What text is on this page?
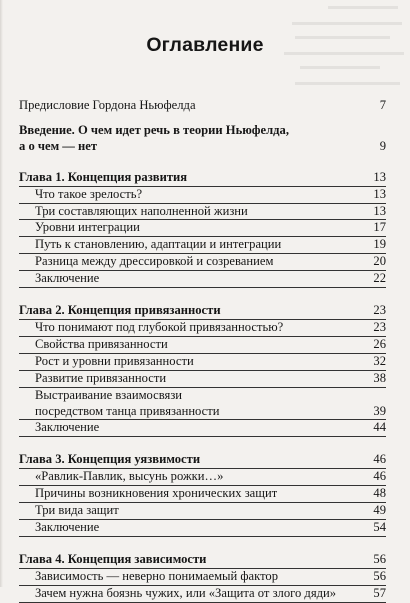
Оглавление
Предисловие Гордона Ньюфелда	7
Введение. О чем идет речь в теории Ньюфелда,
а о чем — нет	9
Глава 1. Концепция развития	13
Что такое зрелость?	13
Три составляющих наполненной жизни	13
Уровни интеграции	17
Путь к становлению, адаптации и интеграции	19
Разница между дрессировкой и созреванием	20
Заключение	22
Глава 2. Концепция привязанности	23
Что понимают под глубокой привязанностью?	23
Свойства привязанности	26
Рост и уровни привязанности	32
Развитие привязанности	38
Выстраивание взаимосвязи
посредством танца привязанности	39
Заключение	44
Глава 3. Концепция уязвимости	46
«Равлик-Павлик, высунь рожки…»	46
Причины возникновения хронических защит	48
Три вида защит	49
Заключение	54
Глава 4. Концепция зависимости	56
Зависимость — неверно понимаемый фактор	56
Зачем нужна боязнь чужих, или «Защита от злого дяди»	57
